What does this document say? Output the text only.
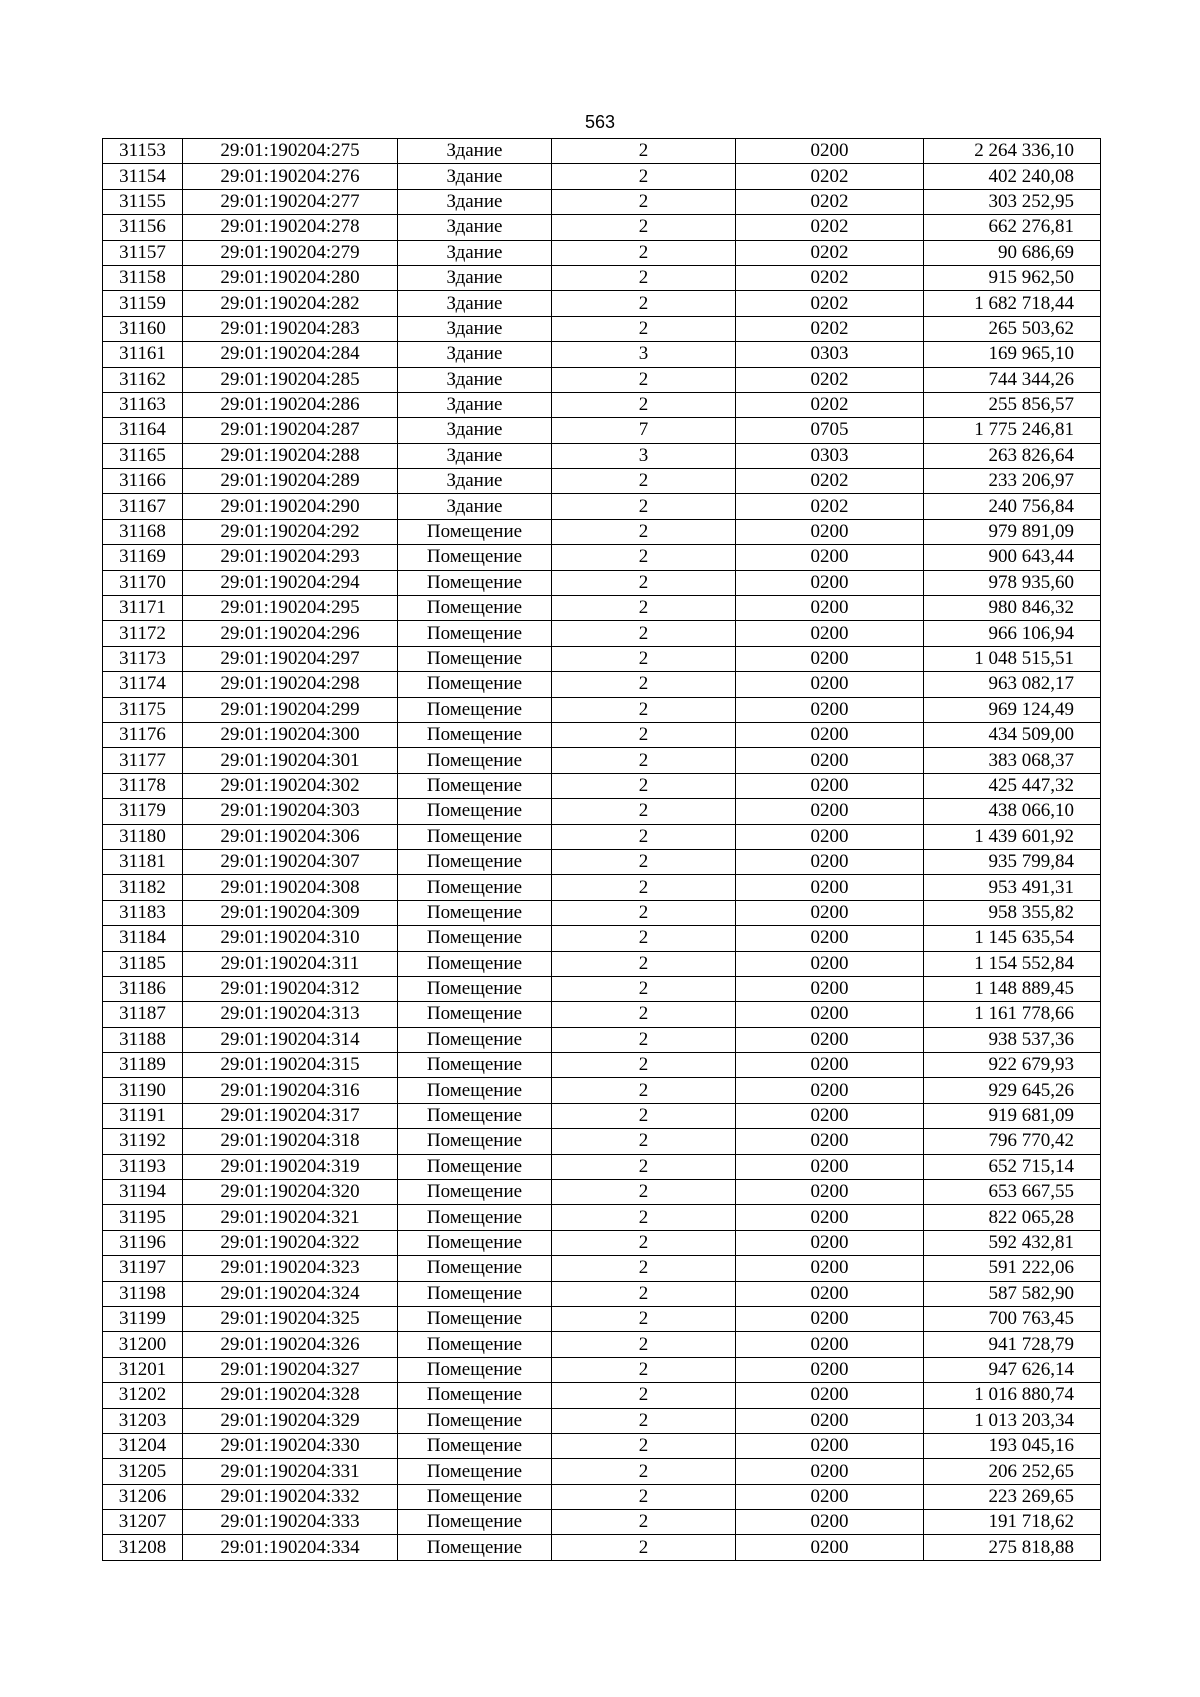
563
31153	29:01:190204:275	Здание	2	0200	2 264 336,10
31154	29:01:190204:276	Здание	2	0202	402 240,08
31155	29:01:190204:277	Здание	2	0202	303 252,95
31156	29:01:190204:278	Здание	2	0202	662 276,81
31157	29:01:190204:279	Здание	2	0202	90 686,69
31158	29:01:190204:280	Здание	2	0202	915 962,50
31159	29:01:190204:282	Здание	2	0202	1 682 718,44
31160	29:01:190204:283	Здание	2	0202	265 503,62
31161	29:01:190204:284	Здание	3	0303	169 965,10
31162	29:01:190204:285	Здание	2	0202	744 344,26
31163	29:01:190204:286	Здание	2	0202	255 856,57
31164	29:01:190204:287	Здание	7	0705	1 775 246,81
31165	29:01:190204:288	Здание	3	0303	263 826,64
31166	29:01:190204:289	Здание	2	0202	233 206,97
31167	29:01:190204:290	Здание	2	0202	240 756,84
31168	29:01:190204:292	Помещение	2	0200	979 891,09
31169	29:01:190204:293	Помещение	2	0200	900 643,44
31170	29:01:190204:294	Помещение	2	0200	978 935,60
31171	29:01:190204:295	Помещение	2	0200	980 846,32
31172	29:01:190204:296	Помещение	2	0200	966 106,94
31173	29:01:190204:297	Помещение	2	0200	1 048 515,51
31174	29:01:190204:298	Помещение	2	0200	963 082,17
31175	29:01:190204:299	Помещение	2	0200	969 124,49
31176	29:01:190204:300	Помещение	2	0200	434 509,00
31177	29:01:190204:301	Помещение	2	0200	383 068,37
31178	29:01:190204:302	Помещение	2	0200	425 447,32
31179	29:01:190204:303	Помещение	2	0200	438 066,10
31180	29:01:190204:306	Помещение	2	0200	1 439 601,92
31181	29:01:190204:307	Помещение	2	0200	935 799,84
31182	29:01:190204:308	Помещение	2	0200	953 491,31
31183	29:01:190204:309	Помещение	2	0200	958 355,82
31184	29:01:190204:310	Помещение	2	0200	1 145 635,54
31185	29:01:190204:311	Помещение	2	0200	1 154 552,84
31186	29:01:190204:312	Помещение	2	0200	1 148 889,45
31187	29:01:190204:313	Помещение	2	0200	1 161 778,66
31188	29:01:190204:314	Помещение	2	0200	938 537,36
31189	29:01:190204:315	Помещение	2	0200	922 679,93
31190	29:01:190204:316	Помещение	2	0200	929 645,26
31191	29:01:190204:317	Помещение	2	0200	919 681,09
31192	29:01:190204:318	Помещение	2	0200	796 770,42
31193	29:01:190204:319	Помещение	2	0200	652 715,14
31194	29:01:190204:320	Помещение	2	0200	653 667,55
31195	29:01:190204:321	Помещение	2	0200	822 065,28
31196	29:01:190204:322	Помещение	2	0200	592 432,81
31197	29:01:190204:323	Помещение	2	0200	591 222,06
31198	29:01:190204:324	Помещение	2	0200	587 582,90
31199	29:01:190204:325	Помещение	2	0200	700 763,45
31200	29:01:190204:326	Помещение	2	0200	941 728,79
31201	29:01:190204:327	Помещение	2	0200	947 626,14
31202	29:01:190204:328	Помещение	2	0200	1 016 880,74
31203	29:01:190204:329	Помещение	2	0200	1 013 203,34
31204	29:01:190204:330	Помещение	2	0200	193 045,16
31205	29:01:190204:331	Помещение	2	0200	206 252,65
31206	29:01:190204:332	Помещение	2	0200	223 269,65
31207	29:01:190204:333	Помещение	2	0200	191 718,62
31208	29:01:190204:334	Помещение	2	0200	275 818,88
